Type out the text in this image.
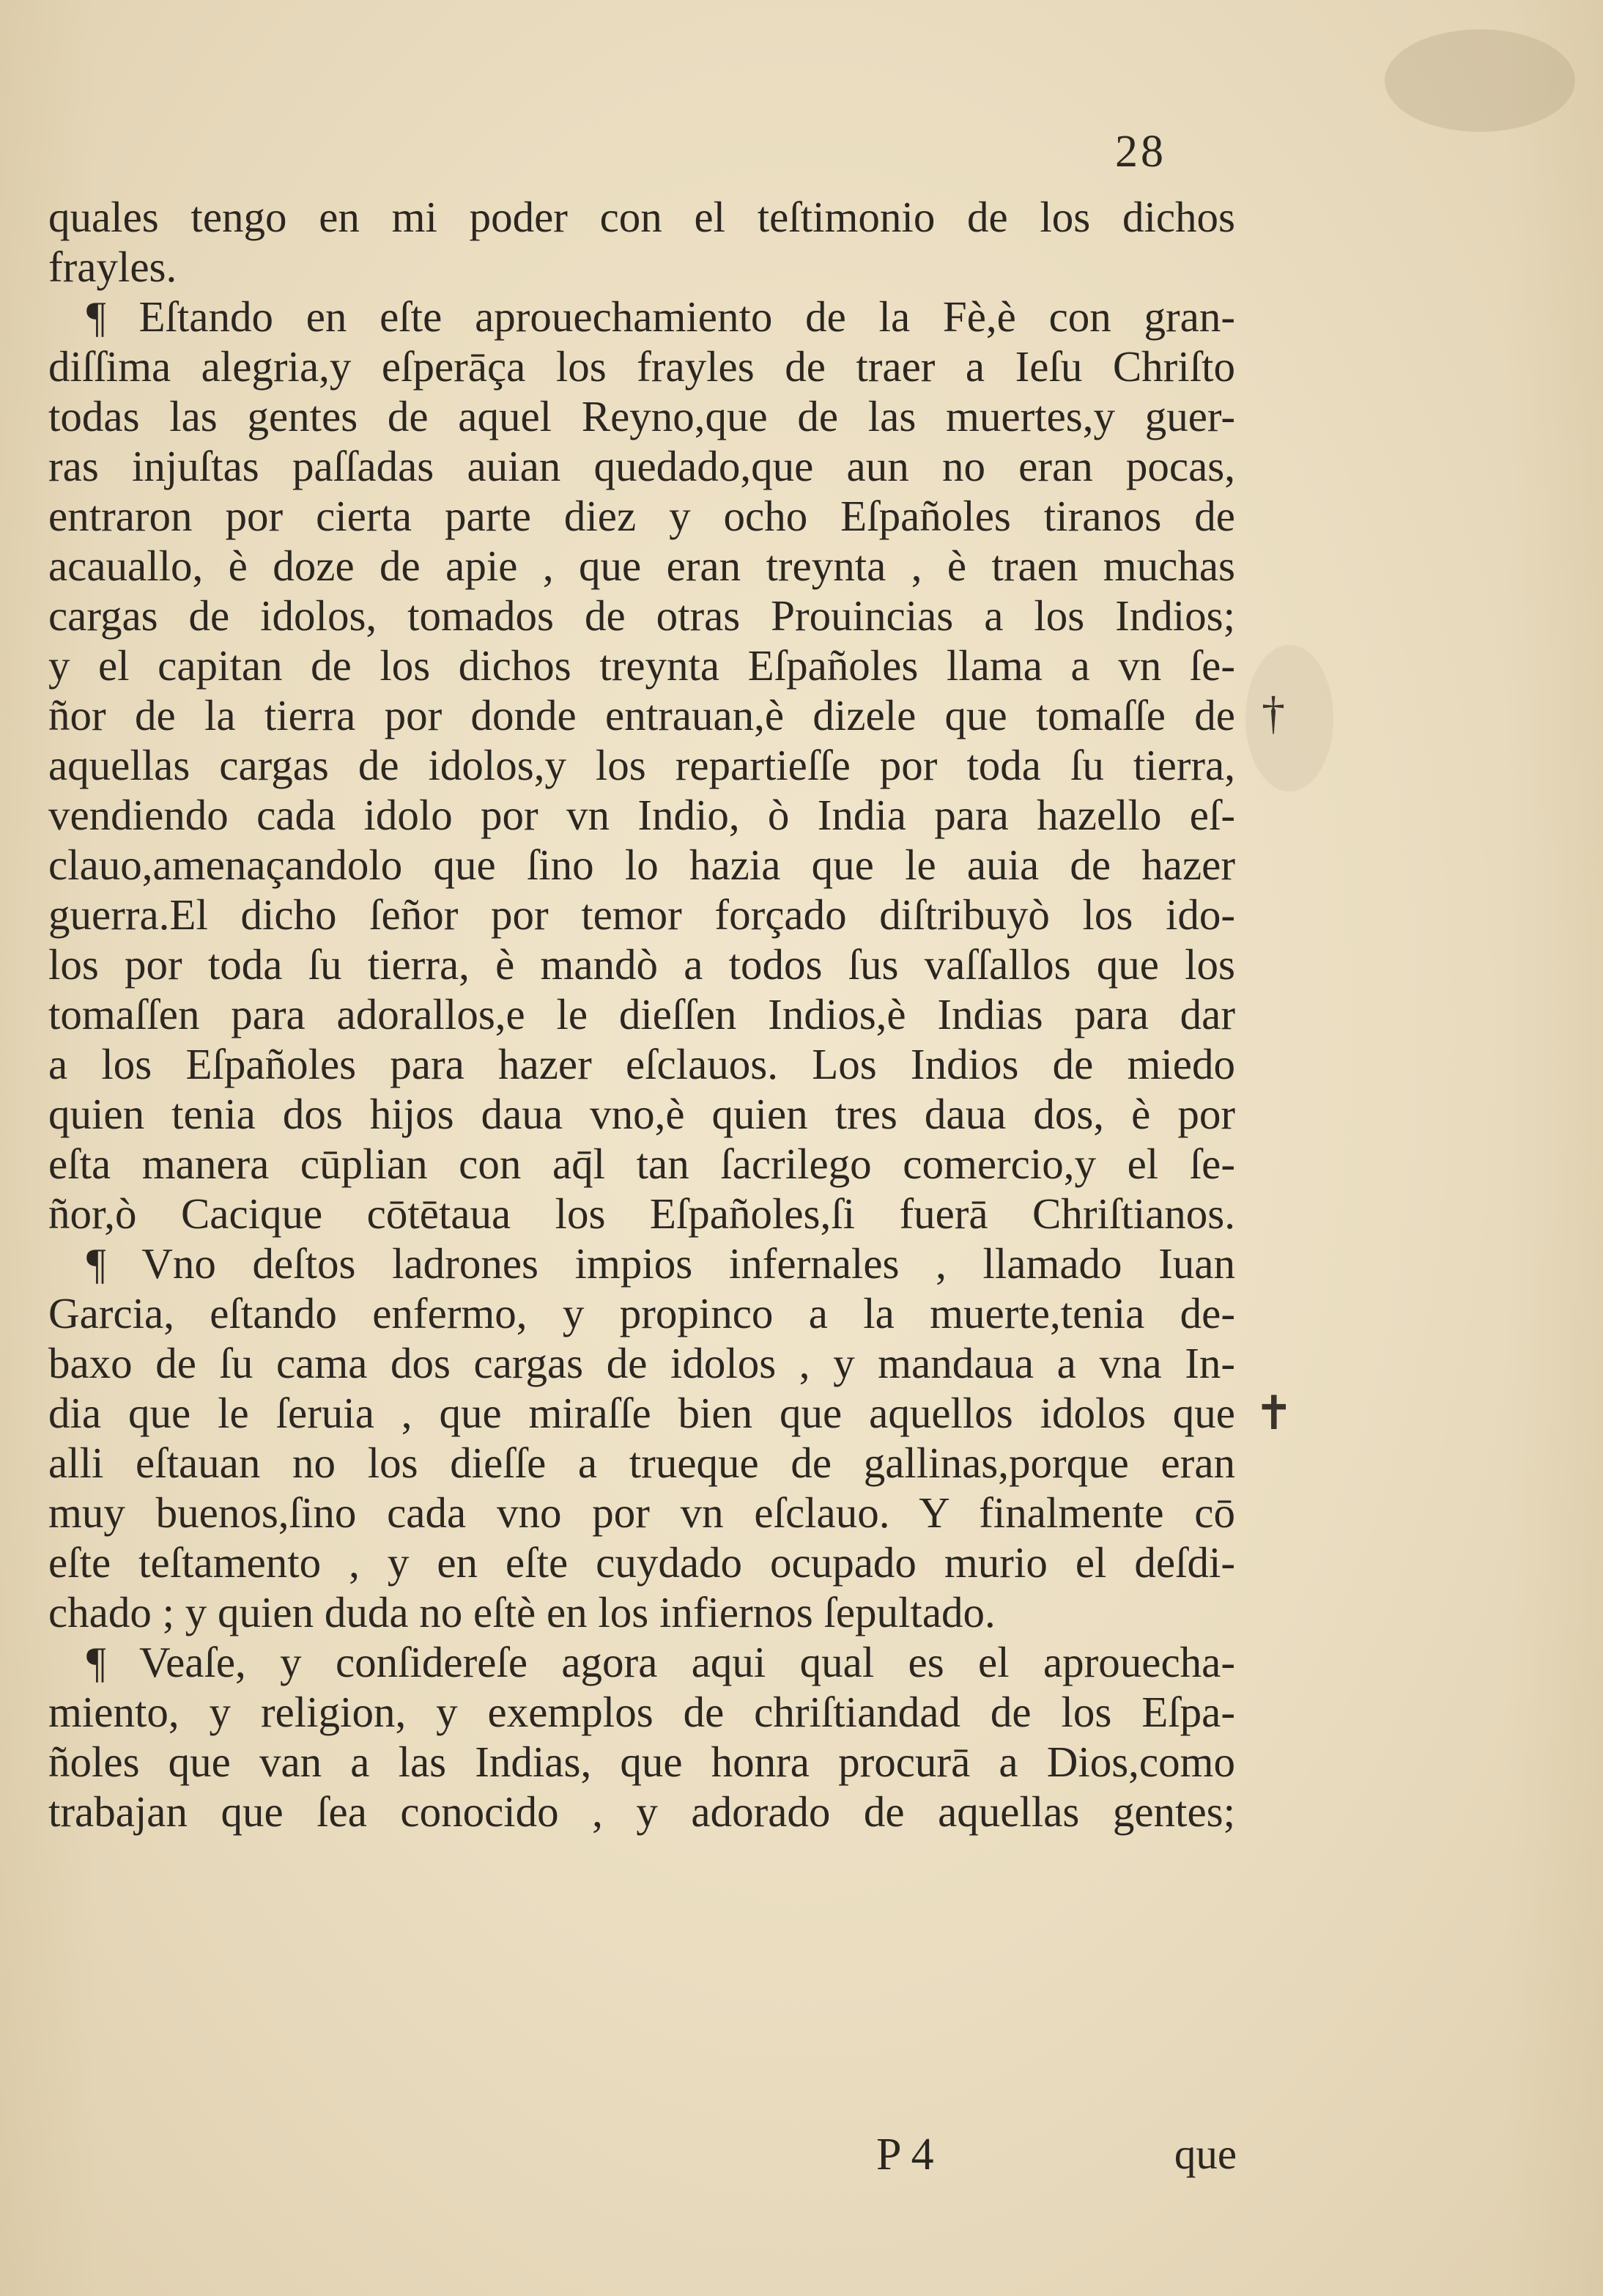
28
quales tengo en mi poder con el teſtimonio de los dichos
frayles.
¶ Eſtando en eſte aprouechamiento de la Fè,è con gran-
diſſima alegria,y eſperāça los frayles de traer a Ieſu Chriſto
todas las gentes de aquel Reyno,que de las muertes,y guer-
ras injuſtas paſſadas auian quedado,que aun no eran pocas,
entraron por cierta parte diez y ocho Eſpañoles tiranos de
acauallo, è doze de apie , que eran treynta , è traen muchas
cargas de idolos, tomados de otras Prouincias a los Indios;
y el capitan de los dichos treynta Eſpañoles llama a vn ſe-
ñor de la tierra por donde entrauan,è dizele que tomaſſe de
aquellas cargas de idolos,y los repartieſſe por toda ſu tierra,
vendiendo cada idolo por vn Indio, ò India para hazello eſ-
clauo,amenaçandolo que ſino lo hazia que le auia de hazer
guerra.El dicho ſeñor por temor forçado diſtribuyò los ido-
los por toda ſu tierra, è mandò a todos ſus vaſſallos que los
tomaſſen para adorallos,e le dieſſen Indios,è Indias para dar
a los Eſpañoles para hazer eſclauos. Los Indios de miedo
quien tenia dos hijos daua vno,è quien tres daua dos, è por
eſta manera cūplian con aq̄l tan ſacrilego comercio,y el ſe-
ñor,ò Cacique cōtētaua los Eſpañoles,ſi fuerā Chriſtianos.
¶ Vno deſtos ladrones impios infernales , llamado Iuan
Garcia, eſtando enfermo, y propinco a la muerte,tenia de-
baxo de ſu cama dos cargas de idolos , y mandaua a vna In-
dia que le ſeruia , que miraſſe bien que aquellos idolos que
alli eſtauan no los dieſſe a trueque de gallinas,porque eran
muy buenos,ſino cada vno por vn eſclauo. Y finalmente cō
eſte teſtamento , y en eſte cuydado ocupado murio el deſdi-
chado ; y quien duda no eſtè en los infiernos ſepultado.
¶ Veaſe, y conſidereſe agora aqui qual es el aprouecha-
miento, y religion, y exemplos de chriſtiandad de los Eſpa-
ñoles que van a las Indias, que honra procurā a Dios,como
trabajan que ſea conocido , y adorado de aquellas gentes;
†
✝
P 4	que
